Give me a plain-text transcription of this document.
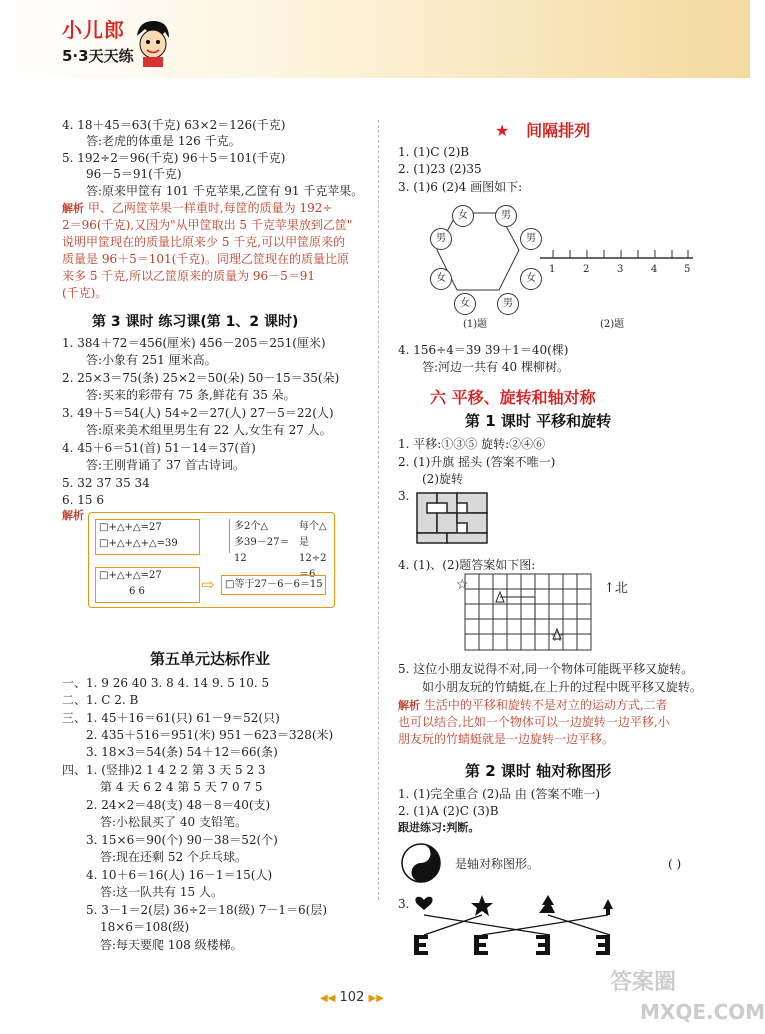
小儿郎
5·3天天练
4. 18＋45＝63(千克) 63×2＝126(千克)
答:老虎的体重是 126 千克。
5. 192÷2＝96(千克) 96＋5＝101(千克)
96－5＝91(千克)
答:原来甲筐有 101 千克苹果,乙筐有 91 千克苹果。
解析 甲、乙两筐苹果一样重时,每筐的质量为 192÷
2＝96(千克),又因为"从甲筐取出 5 千克苹果放到乙筐"
说明甲筐现在的质量比原来少 5 千克,可以甲筐原来的
质量是 96＋5＝101(千克)。同理乙筐现在的质量比原
来多 5 千克,所以乙筐原来的质量为 96－5＝91
(千克)。
第 3 课时 练习课(第 1、2 课时)
1. 384＋72＝456(厘米) 456－205＝251(厘米)
答:小象有 251 厘米高。
2. 25×3＝75(条) 25×2＝50(朵) 50－15＝35(朵)
答:买来的彩带有 75 条,鲜花有 35 朵。
3. 49＋5＝54(人) 54÷2＝27(人) 27－5＝22(人)
答:原来美术组里男生有 22 人,女生有 27 人。
4. 45＋6＝51(首) 51－14＝37(首)
答:王刚背诵了 37 首古诗词。
5. 32 37 35 34
6. 15 6
解析
□+△+△=27
□+△+△+△=39
多2个△
多39－27＝12
每个△
是12÷2＝6
□+△+△=27
6 6	⇨	□等于27－6－6＝15
第五单元达标作业
一、1. 9 26 40 3. 8 4. 14 9. 5 10. 5
二、1. C 2. B
三、1. 45＋16＝61(只) 61－9＝52(只)
2. 435＋516＝951(米) 951－623＝328(米)
3. 18×3＝54(条) 54＋12＝66(条)
四、1. (竖排)2 1 4 2 2 第 3 天 5 2 3
第 4 天 6 2 4 第 5 天 7 0 7 5
2. 24×2＝48(支) 48－8＝40(支)
答:小松鼠买了 40 支铅笔。
3. 15×6＝90(个) 90－38＝52(个)
答:现在还剩 52 个乒乓球。
4. 10＋6＝16(人) 16－1＝15(人)
答:这一队共有 15 人。
5. 3－1＝2(层) 36÷2＝18(级) 7－1＝6(层)
18×6＝108(级)
答:每天要爬 108 级楼梯。
★ 间隔排列
1. (1)C (2)B
2. (1)23 (2)35
3. (1)6 (2)4 画图如下:
女	男
男
女
男
女
女
男
(1)题
1	2	3	4	5
(2)题
4. 156÷4＝39 39＋1＝40(棵)
答:河边一共有 40 棵柳树。
六 平移、旋转和轴对称
第 1 课时 平移和旋转
1. 平移:①③⑤ 旋转:②④⑥
2. (1)升旗 摇头 (答案不唯一)
(2)旋转
3.
4. (1)、(2)题答案如下图:
☆
☆
↑北
5. 这位小朋友说得不对,同一个物体可能既平移又旋转。
如小朋友玩的竹蜻蜓,在上升的过程中既平移又旋转。
解析 生活中的平移和旋转不是对立的运动方式,二者
也可以结合,比如一个物体可以一边旋转一边平移,小
朋友玩的竹蜻蜓就是一边旋转一边平移。
第 2 课时 轴对称图形
1. (1)完全重合 (2)品 由 (答案不唯一)
2. (1)A (2)C (3)B
跟进练习:判断。
是轴对称图形。	( )
3.
◀◀ 102 ▶▶
答案圈
MXQE.COM
